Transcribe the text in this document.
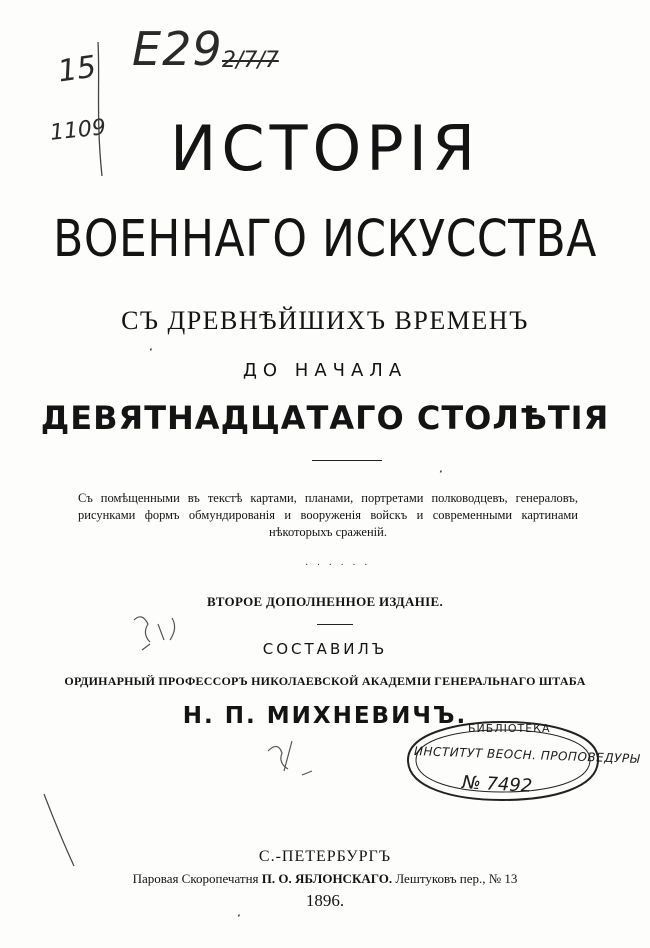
Е29 2/7/7
15
1109	ИСТОРІЯ
ВОЕННАГО ИСКУССТВА
СЪ ДРЕВНѢЙШИХЪ ВРЕМЕНЪ
ДО НАЧАЛА
ДЕВЯТНАДЦАТАГО СТОЛѢТІЯ
Съ помѣщенными въ текстѣ картами, планами, портретами полководцевъ, генераловъ, рисунками формъ обмундированія и вооруженія войскъ и современными картинами нѣкоторыхъ сраженій.
· · · · · ·
ВТОРОЕ ДОПОЛНЕННОЕ ИЗДАНІЕ.
СОСТАВИЛЪ
ОРДИНАРНЫЙ ПРОФЕССОРЪ НИКОЛАЕВСКОЙ АКАДЕМІИ ГЕНЕРАЛЬНАГО ШТАБА
Н. П. МИХНЕВИЧЪ. БИБЛІОТЕКА
ИНСТИТУТ ВЕОСН. ПРОПОВЕДУРЫ
№ 7492
С.-ПЕТЕРБУРГЪ
Паровая Скоропечатня П. О. ЯБЛОНСКАГО. Лештуковъ пер., № 13
1896.
·
·
·
